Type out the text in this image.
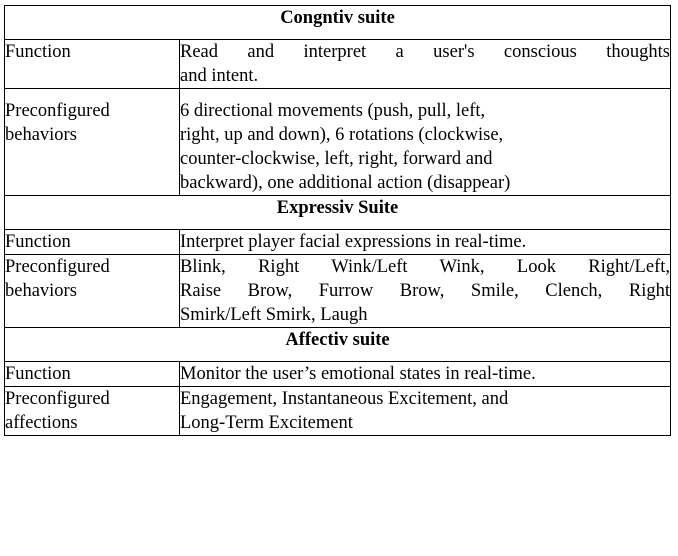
Congntiv suite	

Function	Read and interpret a user's conscious thoughts
and intent.

Preconfigured
behaviors	6 directional movements (push, pull, left,
right, up and down), 6 rotations (clockwise,
counter-clockwise, left, right, forward and
backward), one additional action (disappear)

Expressiv Suite	

Function	Interpret player facial expressions in real-time.

Preconfigured
behaviors	Blink, Right Wink/Left Wink, Look Right/Left,
Raise Brow, Furrow Brow, Smile, Clench, Right
Smirk/Left Smirk, Laugh

Affectiv suite	

Function	Monitor the user’s emotional states in real-time.

Preconfigured
affections	Engagement, Instantaneous Excitement, and
Long-Term Excitement
